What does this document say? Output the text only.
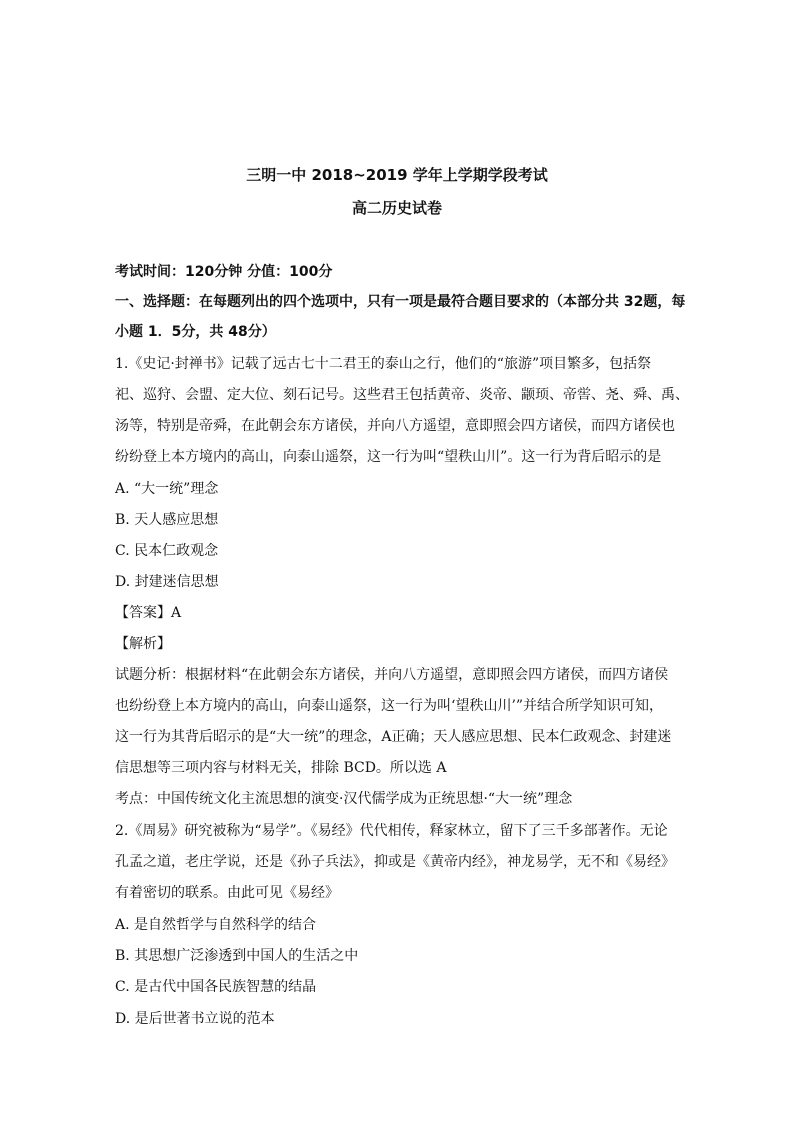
三明一中 2018~2019 学年上学期学段考试
高二历史试卷
考试时间：120分钟 分值：100分
一、选择题：在每题列出的四个选项中，只有一项是最符合题目要求的（本部分共 32题，每
小题 1．5分，共 48分）
1.《史记·封禅书》记载了远古七十二君王的泰山之行，他们的“旅游”项目繁多，包括祭
祀、巡狩、会盟、定大位、刻石记号。这些君王包括黄帝、炎帝、颛顼、帝喾、尧、舜、禹、
汤等，特别是帝舜，在此朝会东方诸侯，并向八方遥望，意即照会四方诸侯，而四方诸侯也
纷纷登上本方境内的高山，向泰山遥祭，这一行为叫“望秩山川”。这一行为背后昭示的是
A. “大一统”理念
B. 天人感应思想
C. 民本仁政观念
D. 封建迷信思想
【答案】A
【解析】
试题分析：根据材料“在此朝会东方诸侯，并向八方遥望，意即照会四方诸侯，而四方诸侯
也纷纷登上本方境内的高山，向泰山遥祭，这一行为叫‘望秩山川’”并结合所学知识可知，
这一行为其背后昭示的是“大一统”的理念，A正确；天人感应思想、民本仁政观念、封建迷
信思想等三项内容与材料无关，排除 BCD。所以选 A
考点：中国传统文化主流思想的演变·汉代儒学成为正统思想·“大一统”理念
2.《周易》研究被称为“易学”。《易经》代代相传，释家林立，留下了三千多部著作。无论
孔孟之道，老庄学说，还是《孙子兵法》，抑或是《黄帝内经》，神龙易学，无不和《易经》
有着密切的联系。由此可见《易经》
A. 是自然哲学与自然科学的结合
B. 其思想广泛渗透到中国人的生活之中
C. 是古代中国各民族智慧的结晶
D. 是后世著书立说的范本
